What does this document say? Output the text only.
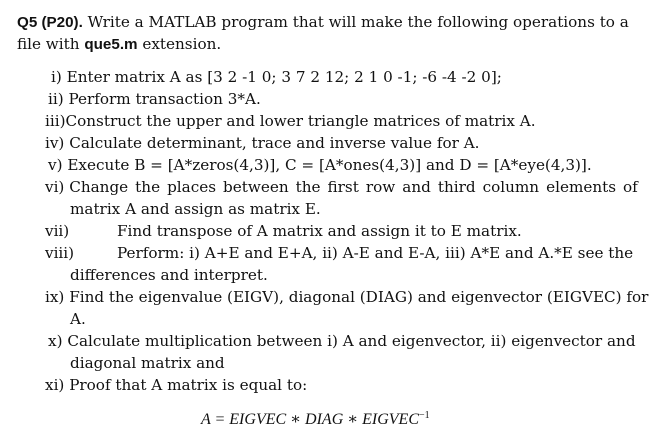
Q5 (P20). Write a MATLAB program that will make the following operations to a
file with que5.m extension.
i) Enter matrix A as [3 2 -1 0; 3 7 2 12; 2 1 0 -1; -6 -4 -2 0];
ii) Perform transaction 3*A.
iii)Construct the upper and lower triangle matrices of matrix A.
iv) Calculate determinant, trace and inverse value for A.
v) Execute B = [A*zeros(4,3)], C = [A*ones(4,3)] and D = [A*eye(4,3)].
vi) Change the places between the first row and third column elements of
matrix A and assign as matrix E.
vii)	Find transpose of A matrix and assign it to E matrix.
viii)	Perform: i) A+E and E+A, ii) A-E and E-A, iii) A*E and A.*E see the
differences and interpret.
ix) Find the eigenvalue (EIGV), diagonal (DIAG) and eigenvector (EIGVEC) for
A.
x) Calculate multiplication between i) A and eigenvector, ii) eigenvector and
diagonal matrix and
xi) Proof that A matrix is equal to:
A = EIGVEC ∗ DIAG ∗ $EIGVEC^{-1}$
